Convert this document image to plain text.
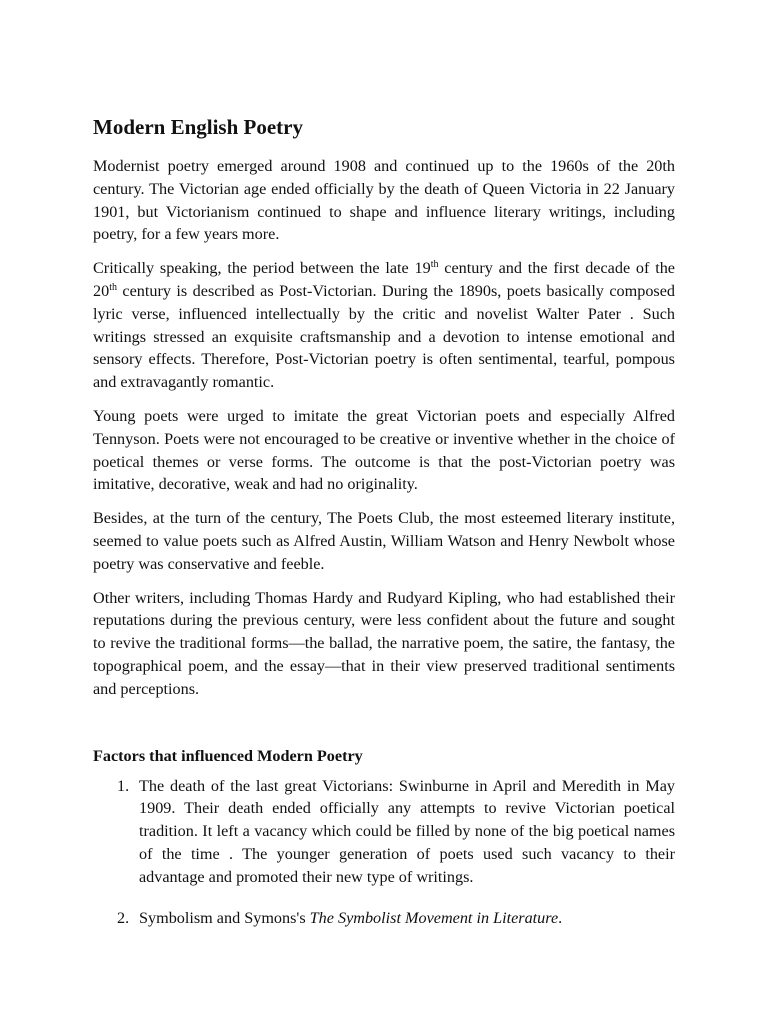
Modern English Poetry

Modernist poetry emerged around 1908 and continued up to the 1960s of the 20th century. The Victorian age ended officially by the death of Queen Victoria in 22 January 1901, but Victorianism continued to shape and influence literary writings, including poetry, for a few years more.

Critically speaking, the period between the late 19th century and the first decade of the 20th century is described as Post-Victorian. During the 1890s, poets basically composed lyric verse, influenced intellectually by the critic and novelist Walter Pater . Such writings stressed an exquisite craftsmanship and a devotion to intense emotional and sensory effects. Therefore, Post-Victorian poetry is often sentimental, tearful, pompous and extravagantly romantic.

Young poets were urged to imitate the great Victorian poets and especially Alfred Tennyson. Poets were not encouraged to be creative or inventive whether in the choice of poetical themes or verse forms. The outcome is that the post-Victorian poetry was imitative, decorative, weak and had no originality.

Besides, at the turn of the century, The Poets Club, the most esteemed literary institute, seemed to value poets such as Alfred Austin, William Watson and Henry Newbolt whose poetry was conservative and feeble.

Other writers, including Thomas Hardy and Rudyard Kipling, who had established their reputations during the previous century, were less confident about the future and sought to revive the traditional forms—the ballad, the narrative poem, the satire, the fantasy, the topographical poem, and the essay—that in their view preserved traditional sentiments and perceptions.

Factors that influenced Modern Poetry
1. The death of the last great Victorians: Swinburne in April and Meredith in May 1909. Their death ended officially any attempts to revive Victorian poetical tradition. It left a vacancy which could be filled by none of the big poetical names of the time . The younger generation of poets used such vacancy to their advantage and promoted their new type of writings.
2. Symbolism and Symons's The Symbolist Movement in Literature.
